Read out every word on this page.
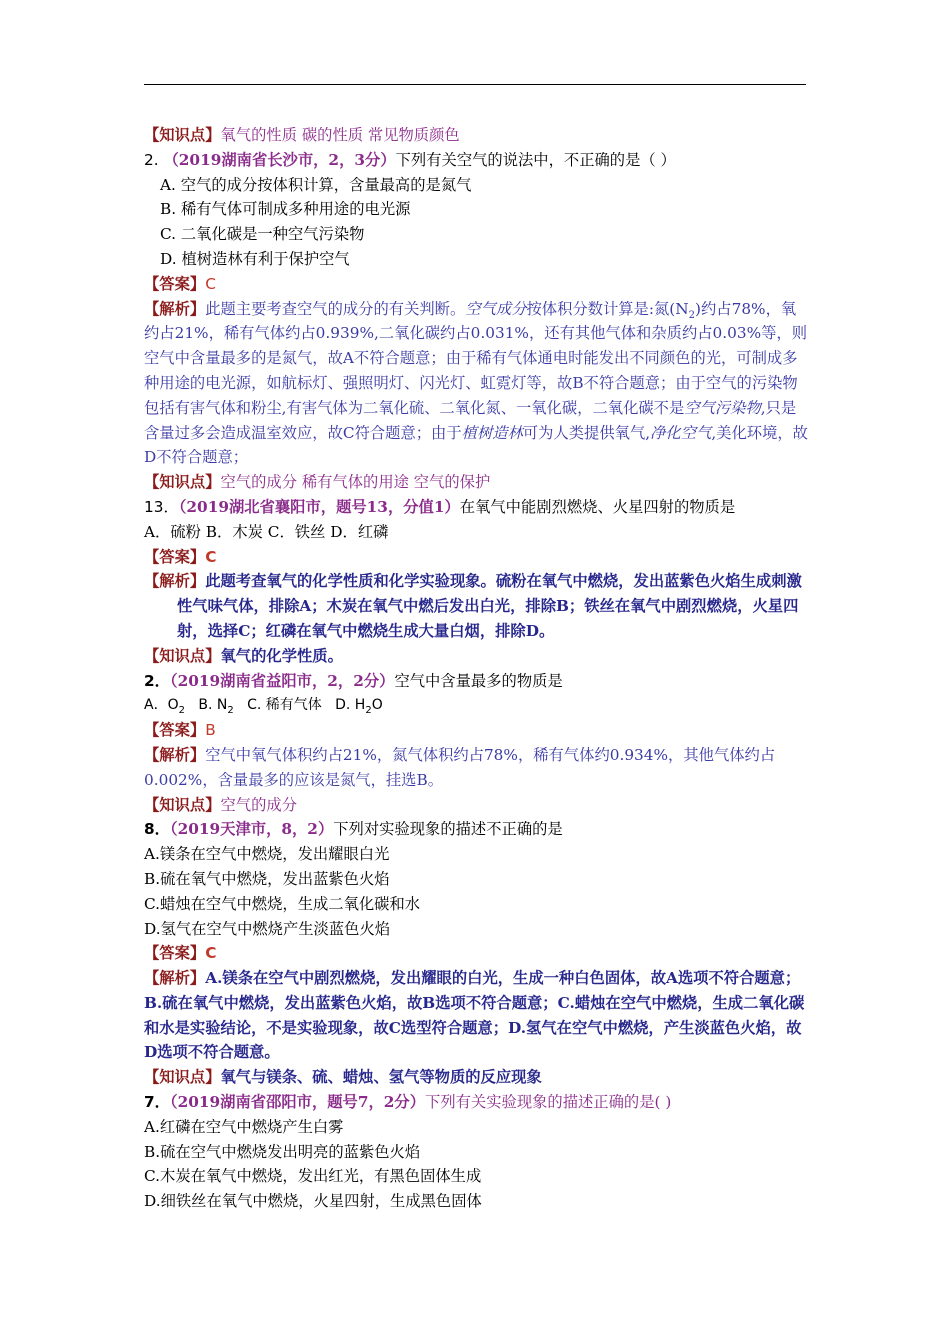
【知识点】氧气的性质 碳的性质 常见物质颜色
2. （2019湖南省长沙市，2，3分）下列有关空气的说法中，不正确的是（ ）
A. 空气的成分按体积计算，含量最高的是氮气
B. 稀有气体可制成多种用途的电光源
C. 二氧化碳是一种空气污染物
D. 植树造林有利于保护空气
【答案】C
【解析】此题主要考查空气的成分的有关判断。空气成分按体积分数计算是:氮$(N_2)$约占78%，氧约占21%，稀有气体约占0.939%,二氧化碳约占0.031%，还有其他气体和杂质约占0.03%等，则空气中含量最多的是氮气，故A不符合题意；由于稀有气体通电时能发出不同颜色的光，可制成多种用途的电光源，如航标灯、强照明灯、闪光灯、虹霓灯等，故B不符合题意；由于空气的污染物包括有害气体和粉尘,有害气体为二氧化硫、二氧化氮、一氧化碳，二氧化碳不是空气污染物,只是含量过多会造成温室效应，故C符合题意；由于植树造林可为人类提供氧气,净化空气,美化环境，故D不符合题意；
【知识点】空气的成分 稀有气体的用途 空气的保护
13．（2019湖北省襄阳市，题号13，分值1）在氧气中能剧烈燃烧、火星四射的物质是
A．硫粉 B．木炭 C．铁丝 D．红磷
【答案】C
【解析】此题考查氧气的化学性质和化学实验现象。硫粉在氧气中燃烧，发出蓝紫色火焰生成刺激性气味气体，排除A；木炭在氧气中燃后发出白光，排除B；铁丝在氧气中剧烈燃烧，火星四射，选择C；红磷在氧气中燃烧生成大量白烟，排除D。
【知识点】氧气的化学性质。
2．（2019湖南省益阳市，2，2分）空气中含量最多的物质是
A．$O_2$ B. $N_2$ C. 稀有气体 D. $H_2O$
【答案】B
【解析】空气中氧气体积约占21%，氮气体积约占78%，稀有气体约0.934%，其他气体约占0.002%，含量最多的应该是氮气，挂选B。
【知识点】空气的成分
8．（2019天津市，8，2）下列对实验现象的描述不正确的是
A.镁条在空气中燃烧，发出耀眼白光
B.硫在氧气中燃烧，发出蓝紫色火焰
C.蜡烛在空气中燃烧，生成二氧化碳和水
D.氢气在空气中燃烧产生淡蓝色火焰
【答案】C
【解析】A.镁条在空气中剧烈燃烧，发出耀眼的白光，生成一种白色固体，故A选项不符合题意；B.硫在氧气中燃烧，发出蓝紫色火焰，故B选项不符合题意；C.蜡烛在空气中燃烧，生成二氧化碳和水是实验结论，不是实验现象，故C选型符合题意；D.氢气在空气中燃烧，产生淡蓝色火焰，故D选项不符合题意。
【知识点】氧气与镁条、硫、蜡烛、氢气等物质的反应现象
7．（2019湖南省邵阳市，题号7，2分）下列有关实验现象的描述正确的是( )
A.红磷在空气中燃烧产生白雾
B.硫在空气中燃烧发出明亮的蓝紫色火焰
C.木炭在氧气中燃烧，发出红光，有黑色固体生成
D.细铁丝在氧气中燃烧，火星四射，生成黑色固体
